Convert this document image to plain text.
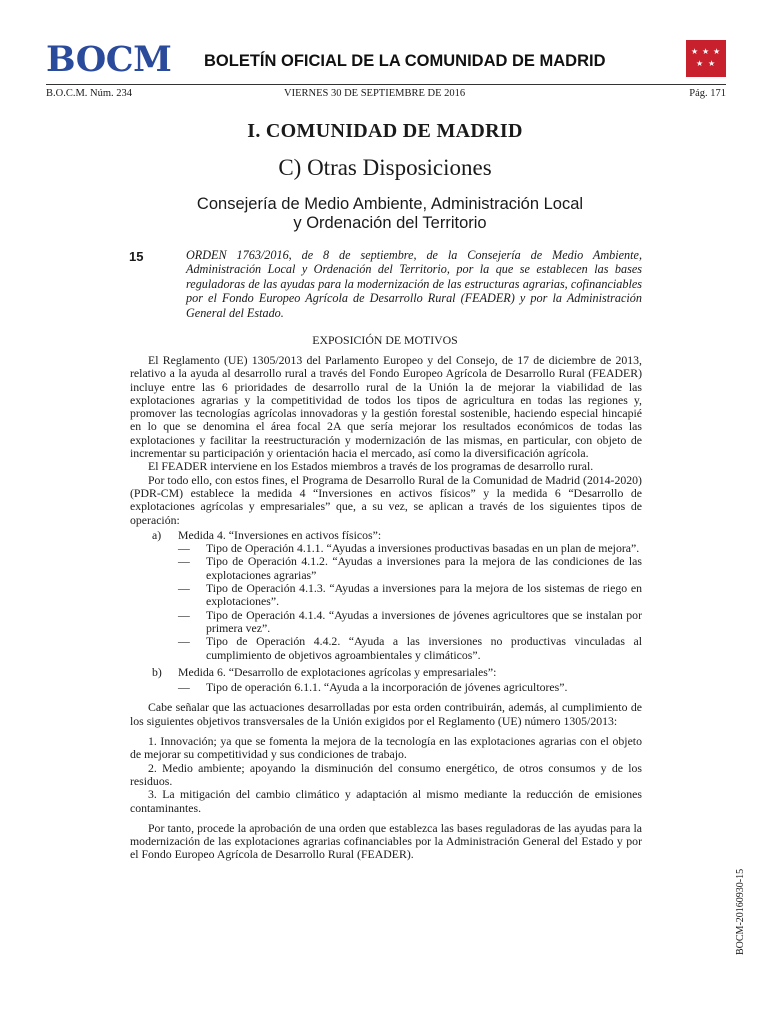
BOCM BOLETÍN OFICIAL DE LA COMUNIDAD DE MADRID
★ ★ ★
★ ★
B.O.C.M. Núm. 234	VIERNES 30 DE SEPTIEMBRE DE 2016	Pág. 171
I. COMUNIDAD DE MADRID
C) Otras Disposiciones
Consejería de Medio Ambiente, Administración Local
y Ordenación del Territorio
15	ORDEN 1763/2016, de 8 de septiembre, de la Consejería de Medio Ambiente, Administración Local y Ordenación del Territorio, por la que se establecen las bases reguladoras de las ayudas para la modernización de las estructuras agrarias, cofinanciables por el Fondo Europeo Agrícola de Desarrollo Rural (FEADER) y por la Administración General del Estado.

EXPOSICIÓN DE MOTIVOS

El Reglamento (UE) 1305/2013 del Parlamento Europeo y del Consejo, de 17 de diciembre de 2013, relativo a la ayuda al desarrollo rural a través del Fondo Europeo Agrícola de Desarrollo Rural (FEADER) incluye entre las 6 prioridades de desarrollo rural de la Unión la de mejorar la viabilidad de las explotaciones agrarias y la competitividad de todos los tipos de agricultura en todas las regiones y, promover las tecnologías agrícolas innovadoras y la gestión forestal sostenible, haciendo especial hincapié en lo que se denomina el área focal 2A que sería mejorar los resultados económicos de todas las explotaciones y facilitar la reestructuración y modernización de las mismas, en particular, con objeto de incrementar su participación y orientación hacia el mercado, así como la diversificación agrícola.

El FEADER interviene en los Estados miembros a través de los programas de desarrollo rural.

Por todo ello, con estos fines, el Programa de Desarrollo Rural de la Comunidad de Madrid (2014-2020) (PDR-CM) establece la medida 4 “Inversiones en activos físicos” y la medida 6 “Desarrollo de explotaciones agrícolas y empresariales” que, a su vez, se aplican a través de los siguientes tipos de operación:

a)	Medida 4. “Inversiones en activos físicos”:
—	Tipo de Operación 4.1.1. “Ayudas a inversiones productivas basadas en un plan de mejora”.
—	Tipo de Operación 4.1.2. “Ayudas a inversiones para la mejora de las condiciones de las explotaciones agrarias”
—	Tipo de Operación 4.1.3. “Ayudas a inversiones para la mejora de los sistemas de riego en explotaciones”.
—	Tipo de Operación 4.1.4. “Ayudas a inversiones de jóvenes agricultores que se instalan por primera vez”.
—	Tipo de Operación 4.4.2. “Ayuda a las inversiones no productivas vinculadas al cumplimiento de objetivos agroambientales y climáticos”.
b)	Medida 6. “Desarrollo de explotaciones agrícolas y empresariales”:
—	Tipo de operación 6.1.1. “Ayuda a la incorporación de jóvenes agricultores”.

Cabe señalar que las actuaciones desarrolladas por esta orden contribuirán, además, al cumplimiento de los siguientes objetivos transversales de la Unión exigidos por el Reglamento (UE) número 1305/2013:

1. Innovación; ya que se fomenta la mejora de la tecnología en las explotaciones agrarias con el objeto de mejorar su competitividad y sus condiciones de trabajo.

2. Medio ambiente; apoyando la disminución del consumo energético, de otros consumos y de los residuos.

3. La mitigación del cambio climático y adaptación al mismo mediante la reducción de emisiones contaminantes.

Por tanto, procede la aprobación de una orden que establezca las bases reguladoras de las ayudas para la modernización de las explotaciones agrarias cofinanciables por la Administración General del Estado y por el Fondo Europeo Agrícola de Desarrollo Rural (FEADER).

BOCM-20160930-15
